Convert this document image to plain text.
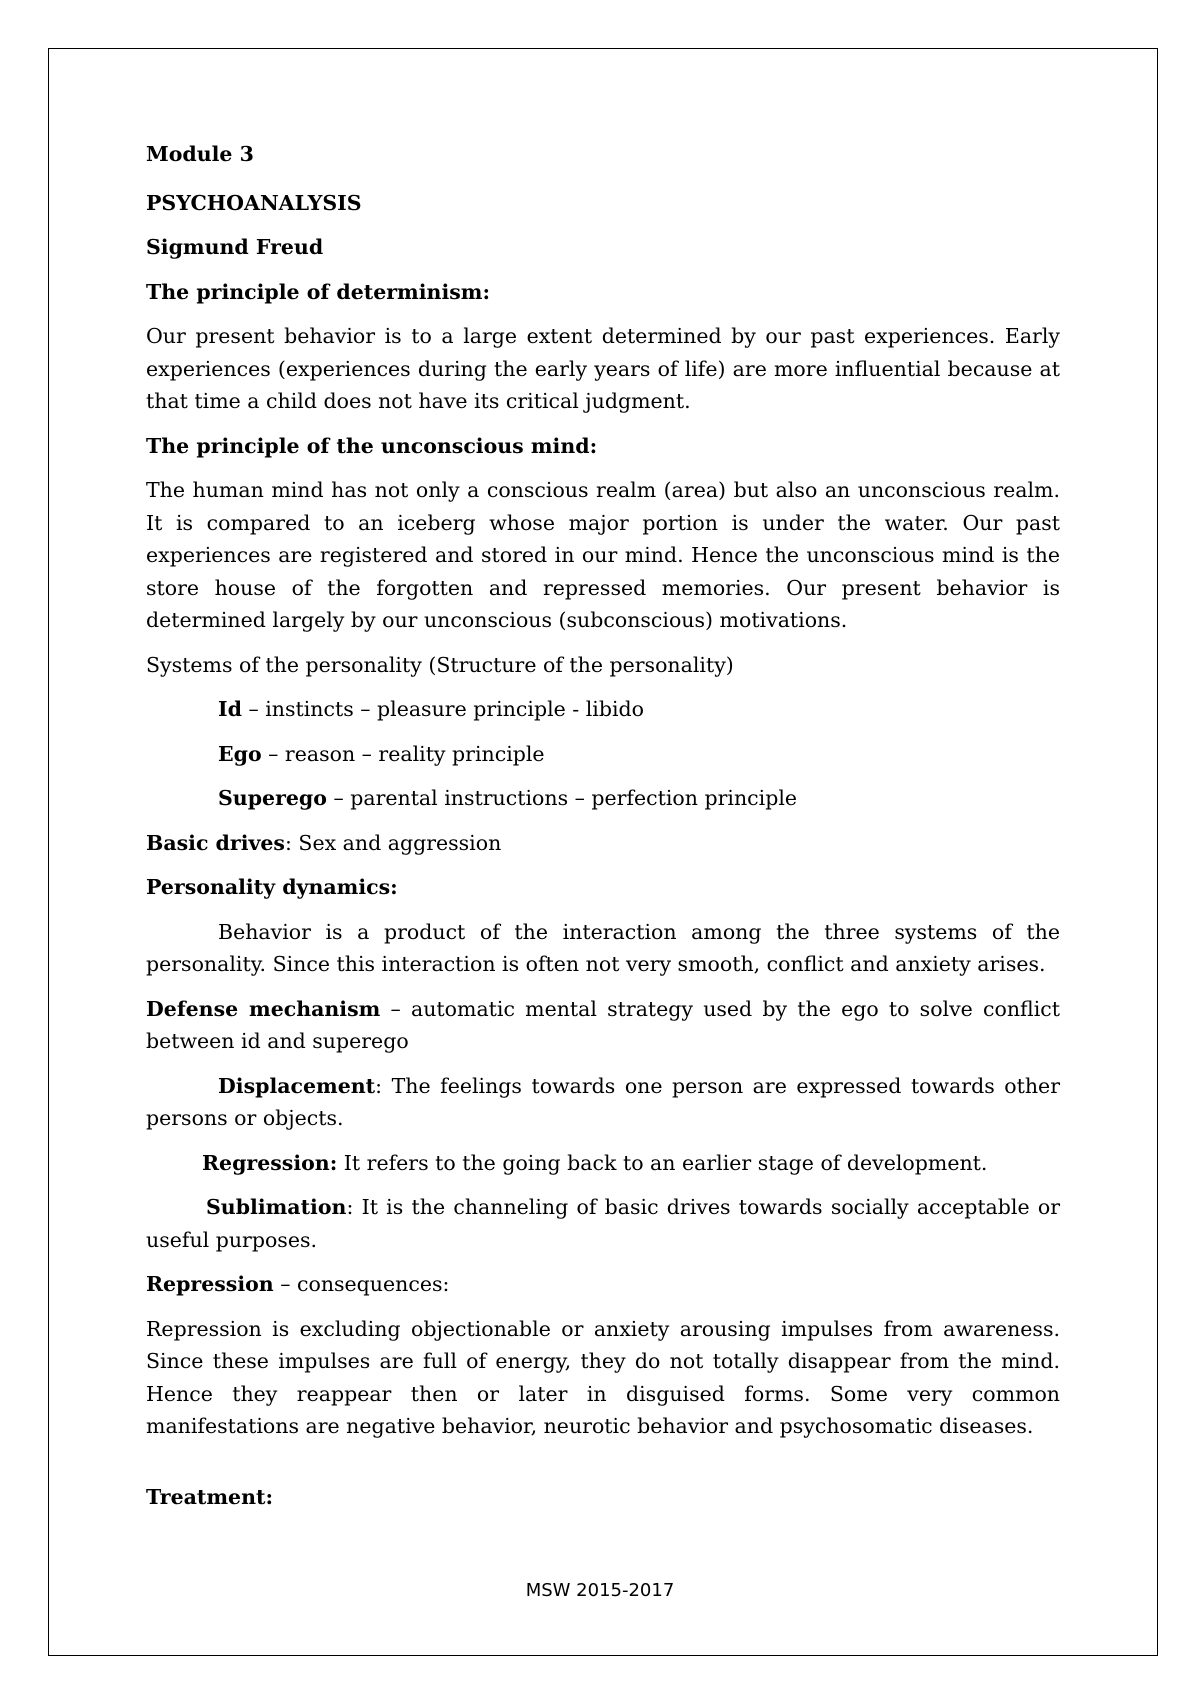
Module 3
PSYCHOANALYSIS
Sigmund Freud
The principle of determinism:
Our present behavior is to a large extent determined by our past experiences. Early experiences (experiences during the early years of life) are more influential because at that time a child does not have its critical judgment.
The principle of the unconscious mind:
The human mind has not only a conscious realm (area) but also an unconscious realm. It is compared to an iceberg whose major portion is under the water. Our past experiences are registered and stored in our mind. Hence the unconscious mind is the store house of the forgotten and repressed memories. Our present behavior is determined largely by our unconscious (subconscious) motivations.
Systems of the personality (Structure of the personality)
Id – instincts – pleasure principle - libido
Ego – reason – reality principle
Superego – parental instructions – perfection principle
Basic drives: Sex and aggression
Personality dynamics:
Behavior is a product of the interaction among the three systems of the personality. Since this interaction is often not very smooth, conflict and anxiety arises.
Defense mechanism – automatic mental strategy used by the ego to solve conflict between id and superego
Displacement: The feelings towards one person are expressed towards other persons or objects.
Regression: It refers to the going back to an earlier stage of development.
Sublimation: It is the channeling of basic drives towards socially acceptable or useful purposes.
Repression – consequences:
Repression is excluding objectionable or anxiety arousing impulses from awareness. Since these impulses are full of energy, they do not totally disappear from the mind. Hence they reappear then or later in disguised forms. Some very common manifestations are negative behavior, neurotic behavior and psychosomatic diseases.
Treatment:
MSW 2015-2017
